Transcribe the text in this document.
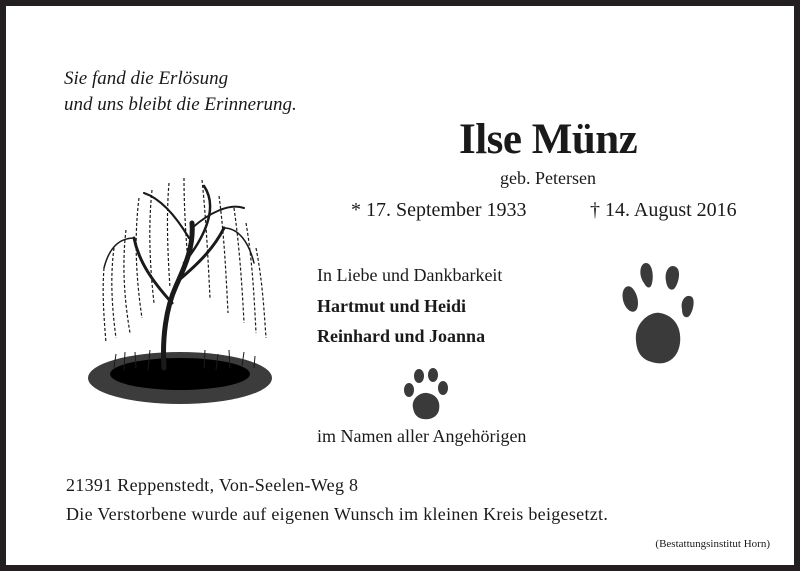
Sie fand die Erlösung
und uns bleibt die Erinnerung.
Ilse Münz
geb. Petersen
* 17. September 1933	† 14. August 2016
In Liebe und Dankbarkeit
Hartmut und Heidi
Reinhard und Joanna
im Namen aller Angehörigen
21391 Reppenstedt, Von-Seelen-Weg 8
Die Verstorbene wurde auf eigenen Wunsch im kleinen Kreis beigesetzt.
(Bestattungsinstitut Horn)
